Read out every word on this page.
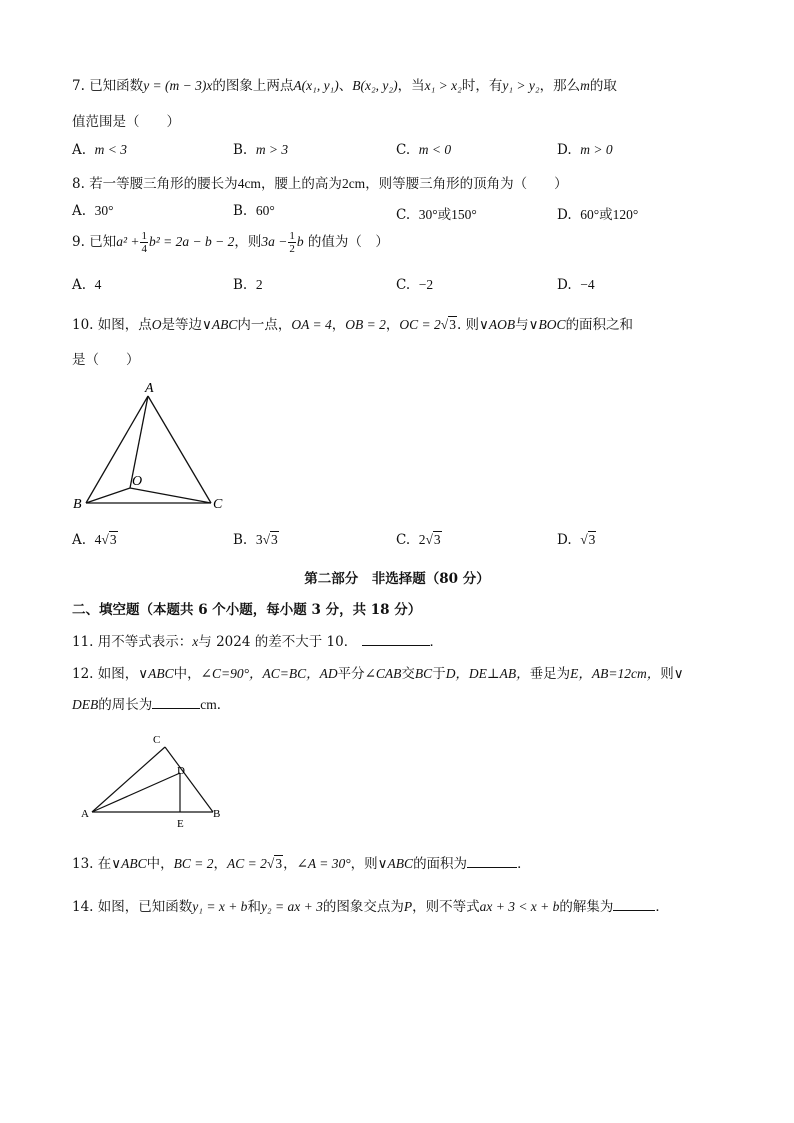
7. 已知函数y = (m − 3)x的图象上两点A(x₁, y₁)、B(x₂, y₂)，当x₁ > x₂时，有y₁ > y₂，那么m的取
值范围是（　　）
A. m < 3	B. m > 3	C. m < 0	D. m > 0
8. 若一等腰三角形的腰长为4cm，腰上的高为2cm，则等腰三角形的顶角为（　　）
A. 30°	B. 60°	C. 30°或150°	D. 60°或120°
9. 已知$a^2 + \frac{1}{4} b^2 = 2a - b - 2$，则$3a - \frac{1}{2}$ b 的值为（　）
A. 4	B. 2	C. −2	D. −4
10. 如图，点O是等边∨ABC内一点，OA = 4，OB = 2，OC = 2√3. 则∨AOB与∨BOC的面积之和
是（　　）
A
B	C
O
A. 4√3	B. 3√3	C. 2√3	D. √3
第二部分　非选择题（80 分）
二、填空题（本题共 6 个小题，每小题 3 分，共 18 分）
11. 用不等式表示：x与 2024 的差不大于 10．	．
12. 如图，∨ABC中，∠C=90°，AC=BC，AD平分∠CAB交BC于D，DE⊥AB，垂足为E，AB=12cm，则∨
DEB的周长为	cm．
C
D
A	B
E
13. 在∨ABC中，BC = 2，AC = 2√3，∠A = 30°，则∨ABC的面积为	．
14. 如图，已知函数y₁ = x + b和y₂ = ax + 3的图象交点为P，则不等式ax + 3 < x + b的解集为	．
